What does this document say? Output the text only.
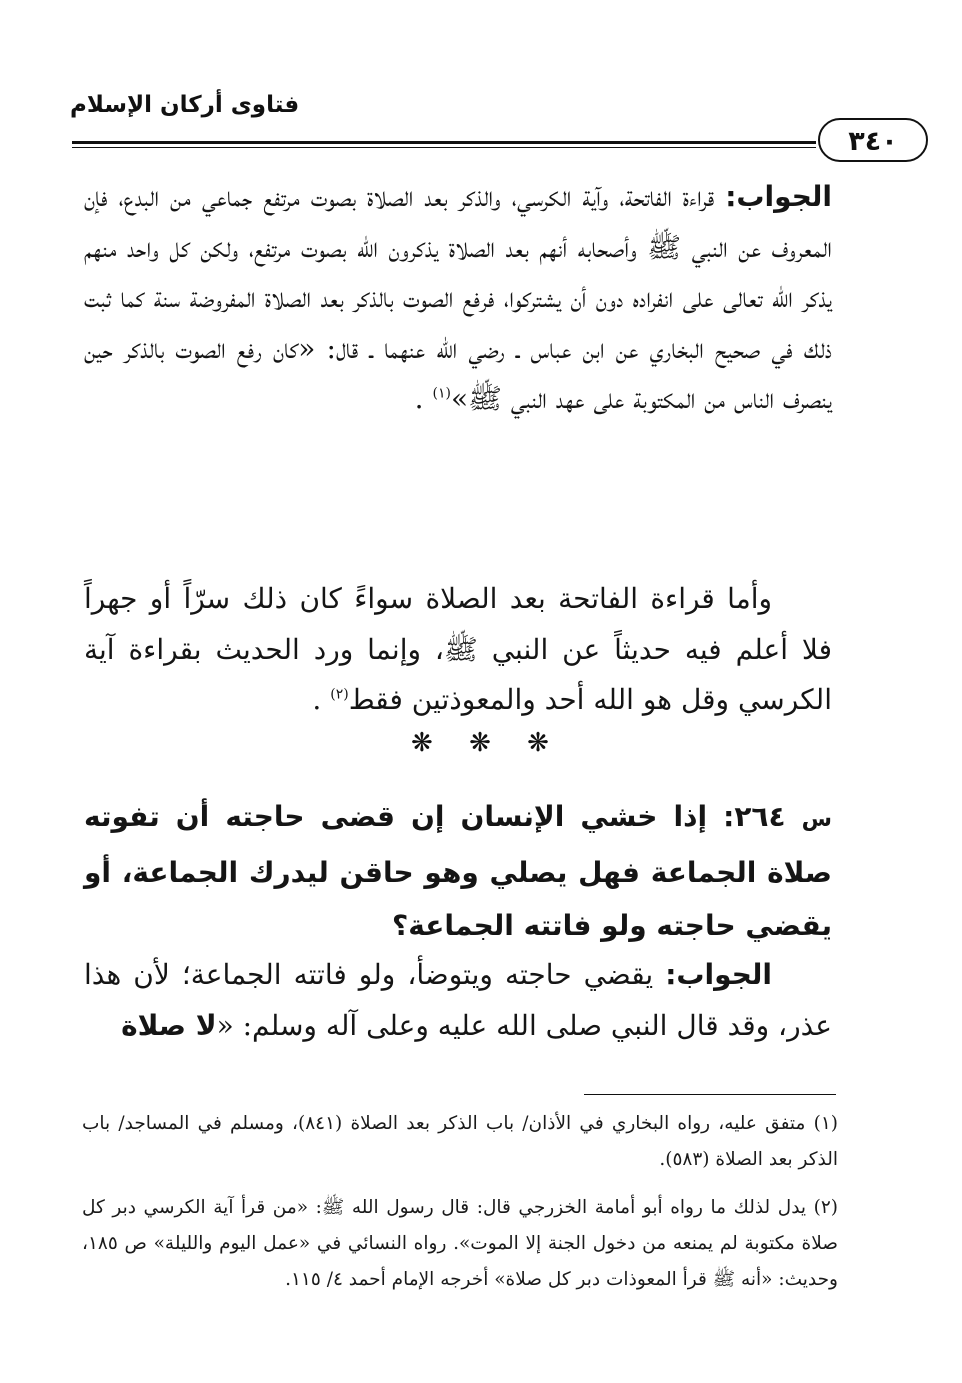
فتاوى أركان الإسلام
٣٤٠

الجواب: قراءة الفاتحة، وآية الكرسي، والذكر بعد الصلاة بصوت مرتفع جماعي من البدع، فإن المعروف عن النبي ﷺ وأصحابه أنهم بعد الصلاة يذكرون الله بصوت مرتفع، ولكن كل واحد منهم يذكر الله تعالى على انفراده دون أن يشتركوا، فرفع الصوت بالذكر بعد الصلاة المفروضة سنة كما ثبت ذلك في صحيح البخاري عن ابن عباس ـ رضي الله عنهما ـ قال: «كان رفع الصوت بالذكر حين ينصرف الناس من المكتوبة على عهد النبي ﷺ»$^{(١)}$ .

وأما قراءة الفاتحة بعد الصلاة سواءً كان ذلك سرّاً أو جهراً فلا أعلم فيه حديثاً عن النبي ﷺ، وإنما ورد الحديث بقراءة آية الكرسي وقل هو الله أحد والمعوذتين فقط$^{(٢)}$ .

❋ ❋ ❋

س ٢٦٤: إذا خشي الإنسان إن قضى حاجته أن تفوته صلاة الجماعة فهل يصلي وهو حاقن ليدرك الجماعة، أو يقضي حاجته ولو فاتته الجماعة؟

الجواب: يقضي حاجته ويتوضأ، ولو فاتته الجماعة؛ لأن هذا عذر، وقد قال النبي صلى الله عليه وعلى آله وسلم: «لا صلاة

(١) متفق عليه، رواه البخاري في الأذان/ باب الذكر بعد الصلاة (٨٤١)، ومسلم في المساجد/ باب الذكر بعد الصلاة (٥٨٣).

(٢) يدل لذلك ما رواه أبو أمامة الخزرجي قال: قال رسول الله ﷺ: «من قرأ آية الكرسي دبر كل صلاة مكتوبة لم يمنعه من دخول الجنة إلا الموت». رواه النسائي في «عمل اليوم والليلة» ص ١٨٥، وحديث: «أنه ﷺ قرأ المعوذات دبر كل صلاة» أخرجه الإمام أحمد ٤/ ١١٥.
